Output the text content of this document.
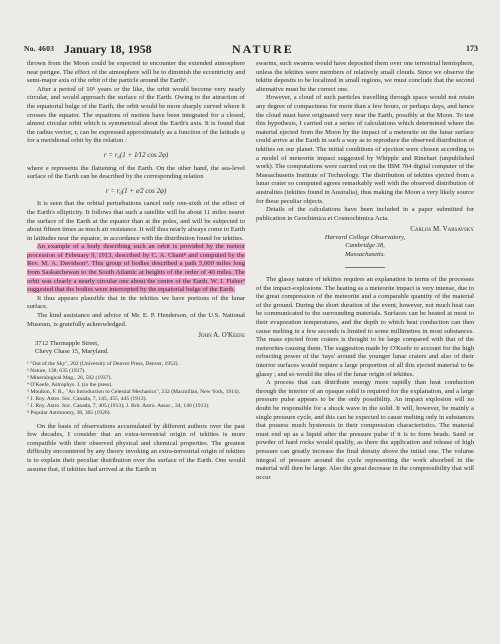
No. 4603 January 18, 1958	NATURE	173

thrown from the Moon could be expected to encounter the extended atmosphere near perigee. The effect of the atmosphere will be to diminish the eccentricity and semi-major axis of the orbit of the particle around the Earth⁶.

After a period of 10⁵ years or the like, the orbit would become very nearly circular, and would approach the surface of the Earth. Owing to the attraction of the equatorial bulge of the Earth, the orbit would be more sharply curved where it crosses the equator. The equations of motion have been integrated for a closed, almost circular orbit which is symmetrical about the Earth's axis. It is found that the radius vector, r, can be expressed approximately as a function of the latitude φ for a meridional orbit by the relation :

r = r₀(1 + 1⁄12 cos 2φ)

where e represents the flattening of the Earth. On the other hand, the sea-level surface of the Earth can be described by the corresponding relation

r = r₀(1 + e⁄2 cos 2φ)

It is seen that the orbital perturbations cancel only one-sixth of the effect of the Earth's ellipticity. It follows that such a satellite will be about 11 miles nearer the surface of the Earth at the equator than at the poles, and will be subjected to about fifteen times as much air resistance. It will thus nearly always come to Earth in latitudes near the equator, in accordance with the distribution found for tektites.

An example of a body describing such an orbit is provided by the meteor procession of February 9, 1913, described by C. A. Chant⁸ and computed by the Rev. M. A. Davidson⁹. This group of bodies described a path 5,000 miles long from Saskatchewan to the South Atlantic at heights of the order of 40 miles. The orbit was clearly a nearly circular one about the centre of the Earth. W. J. Fisher⁹ suggested that the bodies were intercepted by the equatorial bulge of the Earth.

It thus appears plausible that in the tektites we have portions of the lunar surface.

The kind assistance and advice of Mr. E. P. Henderson, of the U.S. National Museum, is gratefully acknowledged.

John A. O'Keefe
3712 Thornapple Street,
Chevy Chase 15, Maryland.
¹ "Out of the Sky", 202 (University of Denver Press, Denver, 1952).
² Nature, 138, 635 (1937).
³ Mineralogical Mag., 26, 502 (1937).
⁴ O'Keefe, Astrophys. J. (in the press).
⁵ Moulton, F. R., "An Introduction to Celestial Mechanics", 232 (Macmillan, New York, 1914).
⁶ J. Roy. Astro. Soc. Canada, 7, 145, 455, 445 (1913).
⁷ J. Roy. Astro. Soc. Canada, 7, 405 (1913); J. Brit. Astro. Assoc., 24, 146 (1913).
⁸ Popular Astronomy, 38, 305 (1926).

On the basis of observations accumulated by different authors over the past few decades, I consider that an extra-terrestrial origin of tektites is more compatible with their observed physical and chemical properties. The greatest difficulty encountered by any theory invoking an extra-terrestrial origin of tektites is to explain their peculiar distribution over the surface of the Earth. One would assume that, if tektites had arrived at the Earth in

swarms, such swarms would have deposited them over one terrestrial hemisphere, unless the tektites were members of relatively small clouds. Since we observe the tektite deposits to be localized in small regions, we must conclude that the second alternative must be the correct one.

However, a cloud of such particles travelling through space would not retain any degree of compactness for more than a few hours, or perhaps days, and hence the cloud must have originated very near the Earth, possibly at the Moon. To test this hypothesis, I carried out a series of calculations which determined where the material ejected from the Moon by the impact of a meteorite on the lunar surface could arrive at the Earth in such a way as to reproduce the observed distribution of tektites on our planet. The initial conditions of ejection were chosen according to a model of meteorite impact suggested by Whipple and Rinehart (unpublished work). The computations were carried out on the IBM 704 digital computer of the Massachusetts Institute of Technology. The distribution of tektites ejected from a lunar crater so computed agrees remarkably well with the observed distribution of australites (tektites found in Australia), thus making the Moon a very likely source for these peculiar objects.

Details of the calculations have been included in a paper submitted for publication in Geochimica et Cosmochimica Acta.

Carlos M. Varsavsky
Harvard College Observatory,
Cambridge 38,
Massachusetts.

The glassy nature of tektites requires an explanation in terms of the processes of the impact-explosions. The heating as a meteorite impact is very intense, due to the great compression of the meteorite and a comparable quantity of the material of the ground. During the short duration of the event, however, not much heat can be communicated to the surrounding materials. Surfaces can be heated at most to their evaporation temperatures, and the depth to which heat conduction can then cause melting in a few seconds is limited to some millimetres in most substances. The mass ejected from craters is thought to be large compared with that of the meteorites causing them. The suggestion made by O'Keefe to account for the high refracting power of the 'rays' around the younger lunar craters and also of their interior surfaces would require a large proportion of all this ejected material to be glassy ; and so would the idea of the lunar origin of tektites.

A process that can distribute energy more rapidly than heat conduction through the interior of an opaque solid is required for the explanation, and a large pressure pulse appears to be the only possibility. An impact explosion will no doubt be responsible for a shock wave in the solid. It will, however, be mainly a single pressure cycle, and this can be expected to cause melting only in substances that possess much hysteresis in their compression characteristics. The material must end up as a liquid after the pressure pulse if it is to form beads. Sand or powder of hard rocks would qualify, as there the application and release of high pressure can greatly increase the final density above the initial one. The volume integral of pressure around the cycle representing the work absorbed in the material will then be large. Also the great decrease in the compressibility that will occur
